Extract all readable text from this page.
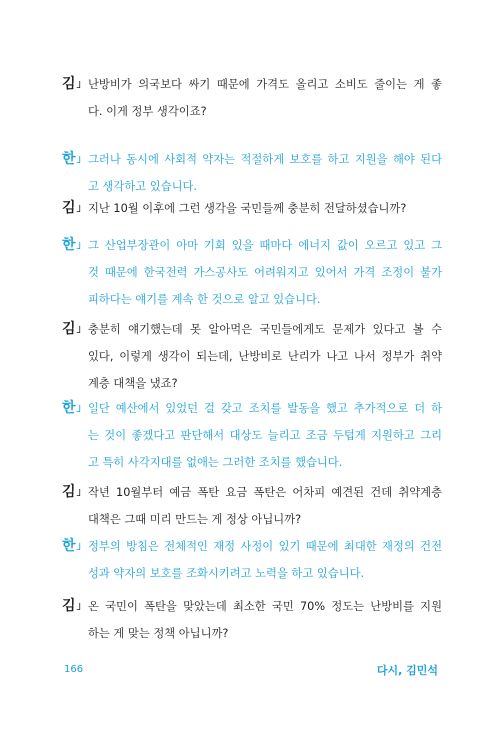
166	다시, 김민석
김」 난방비가 의국보다 싸기 때문에 가격도 올리고 소비도 줄이는 게 좋
다. 이게 정부 생각이죠?
한」 그러나 동시에 사회적 약자는 적절하게 보호를 하고 지원을 해야 된다
고 생각하고 있습니다.
김」 지난 10월 이후에 그런 생각을 국민들께 충분히 전달하셨습니까?
한」 그 산업부장관이 아마 기회 있을 때마다 에너지 값이 오르고 있고 그
것 때문에 한국전력 가스공사도 어려워지고 있어서 가격 조정이 불가
피하다는 얘기를 계속 한 것으로 알고 있습니다.
김」 충분히 얘기했는데 못 알아먹은 국민들에게도 문제가 있다고 볼 수
있다, 이렇게 생각이 되는데, 난방비로 난리가 나고 나서 정부가 취약
계층 대책을 냈죠?
한」 일단 예산에서 있었던 걸 갖고 조치를 발동을 했고 추가적으로 더 하
는 것이 좋겠다고 판단해서 대상도 늘리고 조금 두텁게 지원하고 그리
고 특히 사각지대를 없애는 그러한 조치를 했습니다.
김」 작년 10월부터 예금 폭탄 요금 폭탄은 어차피 예견된 건데 취약계층
대책은 그때 미리 만드는 게 정상 아닙니까?
한」 정부의 방침은 전체적인 재정 사정이 있기 때문에 최대한 재정의 건전
성과 약자의 보호를 조화시키려고 노력을 하고 있습니다.
김」 온 국민이 폭탄을 맞았는데 최소한 국민 70% 정도는 난방비를 지원
하는 게 맞는 정책 아닙니까?
